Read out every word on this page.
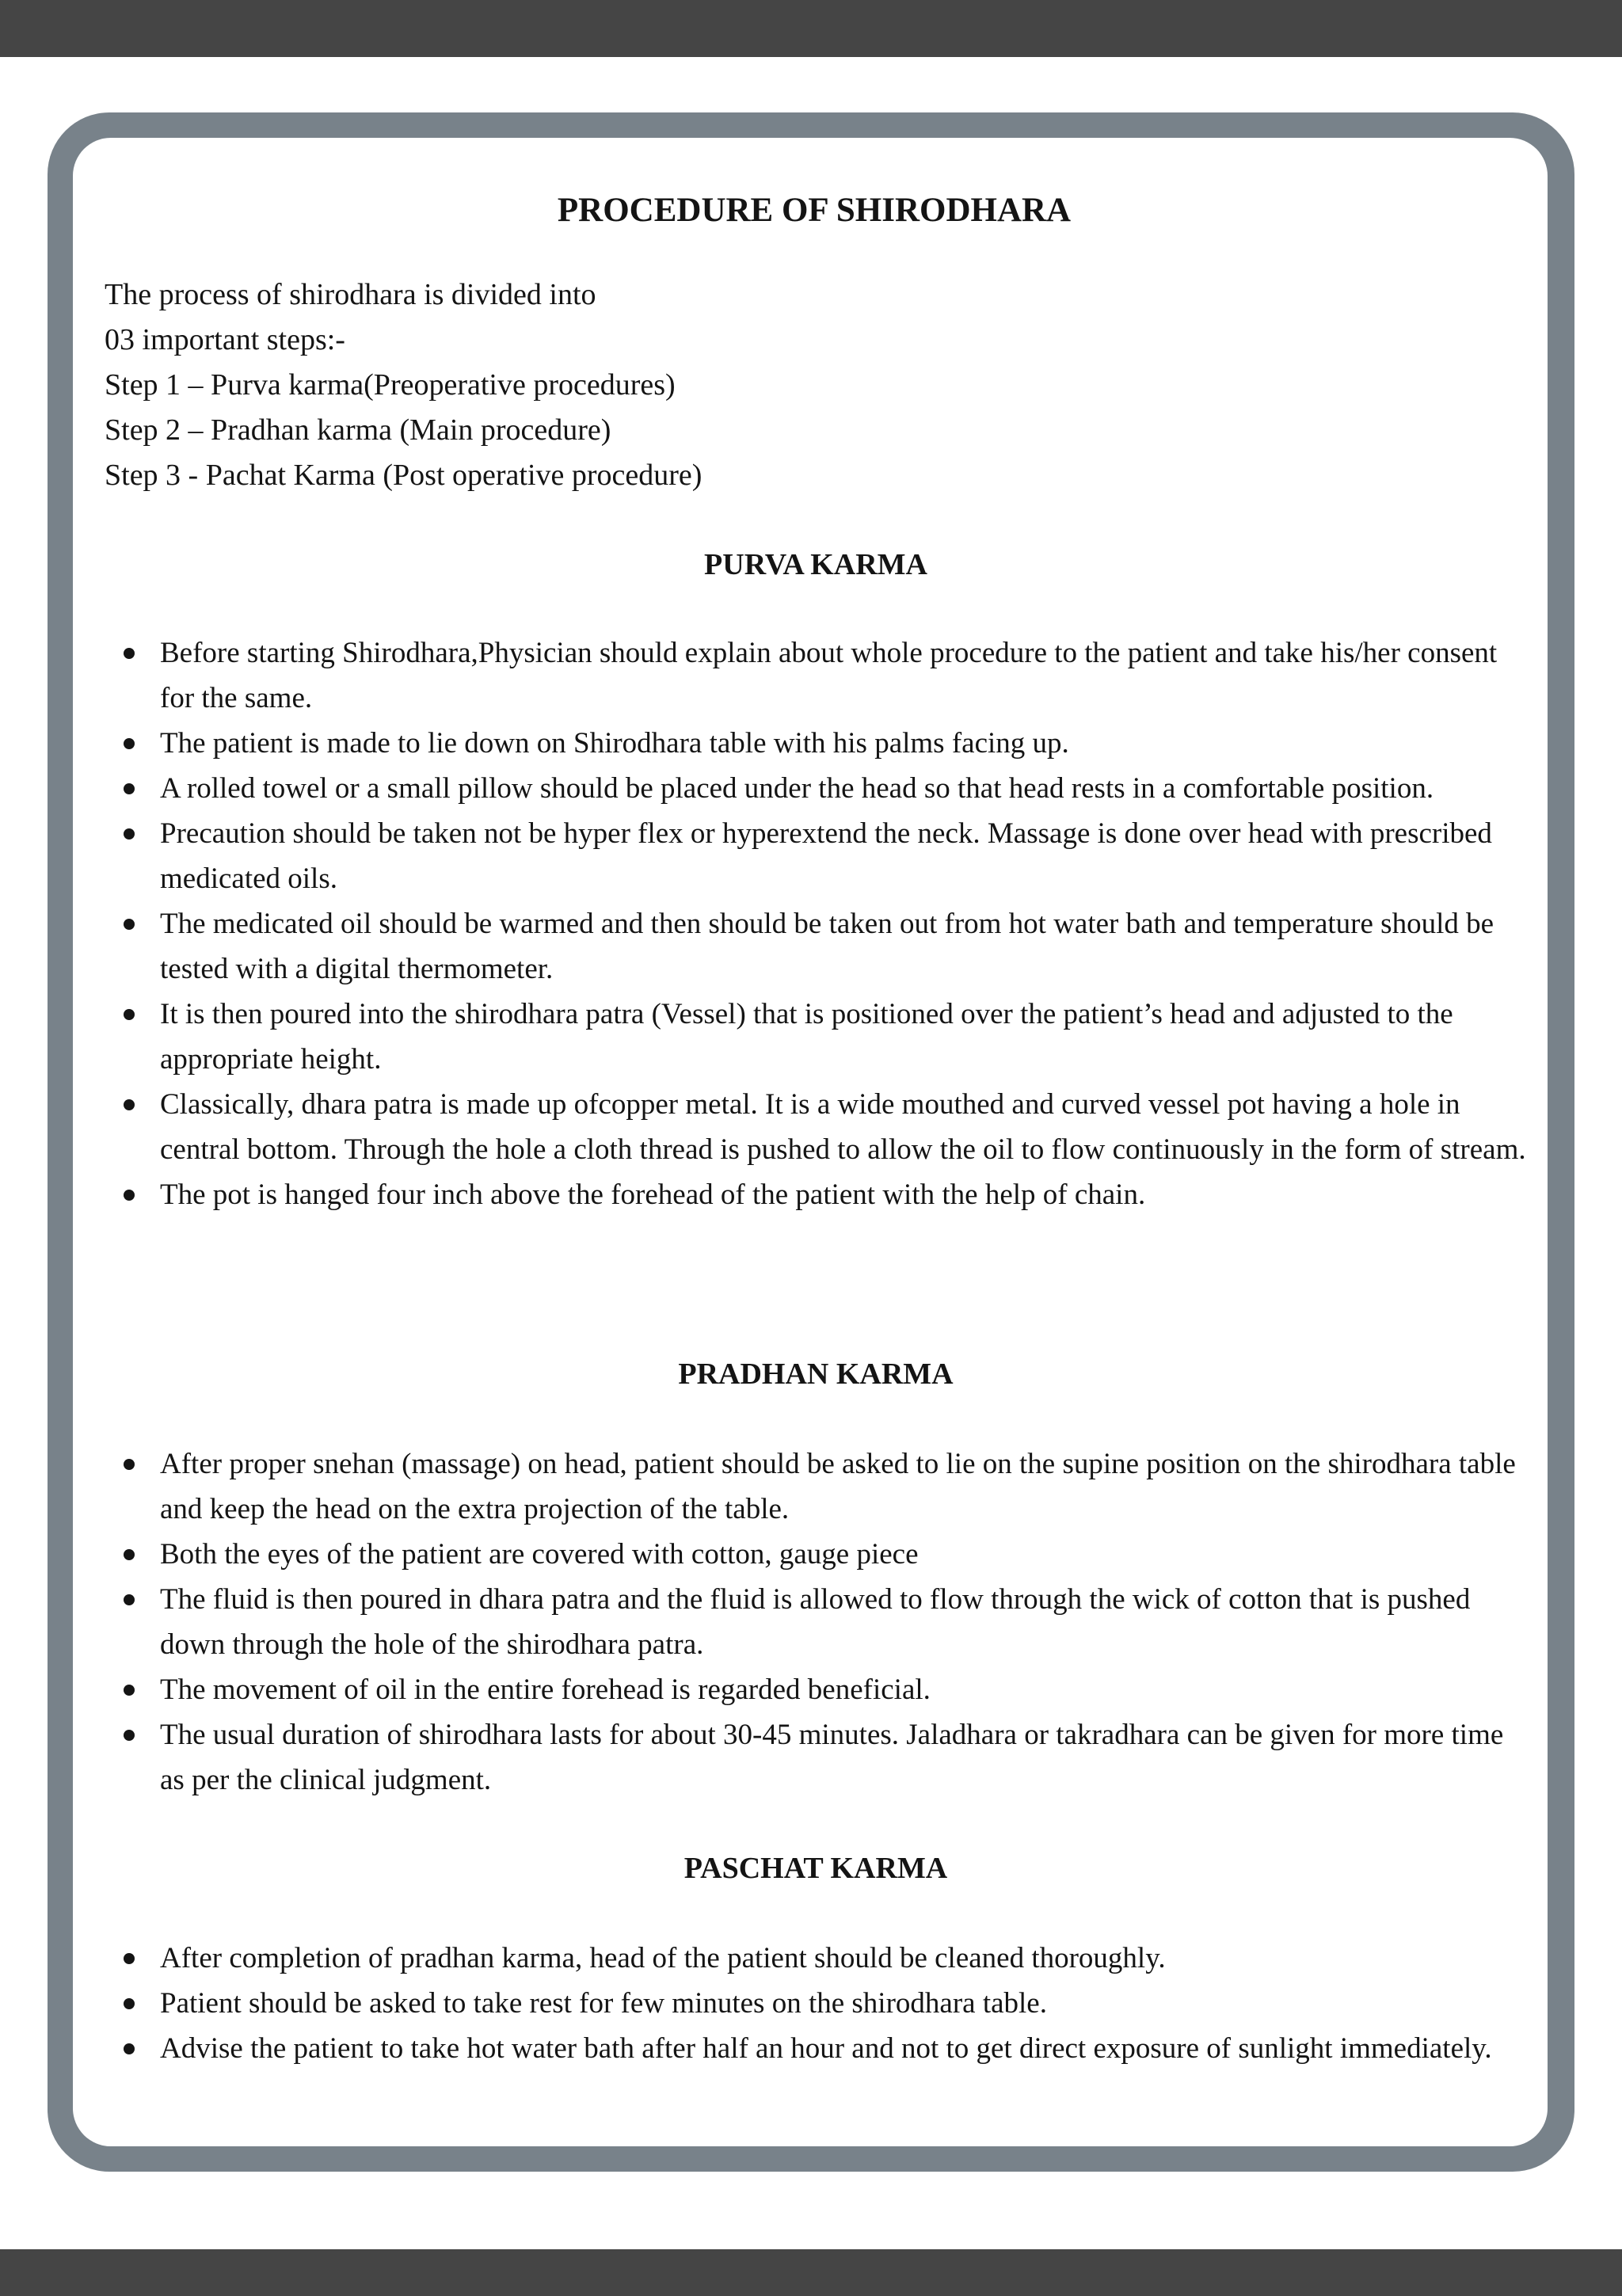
PROCEDURE OF SHIRODHARA
The process of shirodhara is divided into
03 important steps:-
Step 1 – Purva karma(Preoperative procedures)
Step 2 – Pradhan karma (Main procedure)
Step 3 - Pachat Karma (Post operative procedure)
PURVA KARMA
Before starting Shirodhara,Physician should explain about whole procedure to the patient and take his/her consent for the same.
The patient is made to lie down on Shirodhara table with his palms facing up.
A rolled towel or a small pillow should be placed under the head so that head rests in a comfortable position.
Precaution should be taken not be hyper flex or hyperextend the neck. Massage is done over head with prescribed medicated oils.
The medicated oil should be warmed and then should be taken out from hot water bath and temperature should be tested with a digital thermometer.
It is then poured into the shirodhara patra (Vessel) that is positioned over the patient’s head and adjusted to the appropriate height.
Classically, dhara patra is made up ofcopper metal. It is a wide mouthed and curved vessel pot having a hole in central bottom. Through the hole a cloth thread is pushed to allow the oil to flow continuously in the form of stream.
The pot is hanged four inch above the forehead of the patient with the help of chain.
PRADHAN KARMA
After proper snehan (massage) on head, patient should be asked to lie on the supine position on the shirodhara table and keep the head on the extra projection of the table.
Both the eyes of the patient are covered with cotton, gauge piece
The fluid is then poured in dhara patra and the fluid is allowed to flow through the wick of cotton that is pushed down through the hole of the shirodhara patra.
The movement of oil in the entire forehead is regarded beneficial.
The usual duration of shirodhara lasts for about 30-45 minutes. Jaladhara or takradhara can be given for more time as per the clinical judgment.
PASCHAT KARMA
After completion of pradhan karma, head of the patient should be cleaned thoroughly.
Patient should be asked to take rest for few minutes on the shirodhara table.
Advise the patient to take hot water bath after half an hour and not to get direct exposure of sunlight immediately.
